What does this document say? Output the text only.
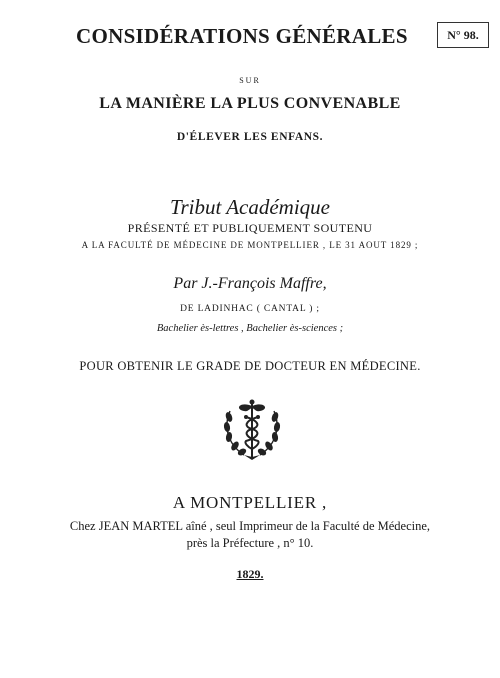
CONSIDÉRATIONS GÉNÉRALES	N° 98.
SUR
LA MANIÈRE LA PLUS CONVENABLE
D'ÉLEVER LES ENFANS.
Tribut Académique
PRÉSENTÉ ET PUBLIQUEMENT SOUTENU
A LA FACULTÉ DE MÉDECINE DE MONTPELLIER , LE 31 AOUT 1829 ;
Par J.-François Maffre,
DE LADINHAC ( CANTAL ) ;
Bachelier ès-lettres , Bachelier ès-sciences ;
POUR OBTENIR LE GRADE DE DOCTEUR EN MÉDECINE.
A MONTPELLIER ,
Chez JEAN MARTEL aîné , seul Imprimeur de la Faculté de Médecine,
près la Préfecture , n° 10.
1829.
